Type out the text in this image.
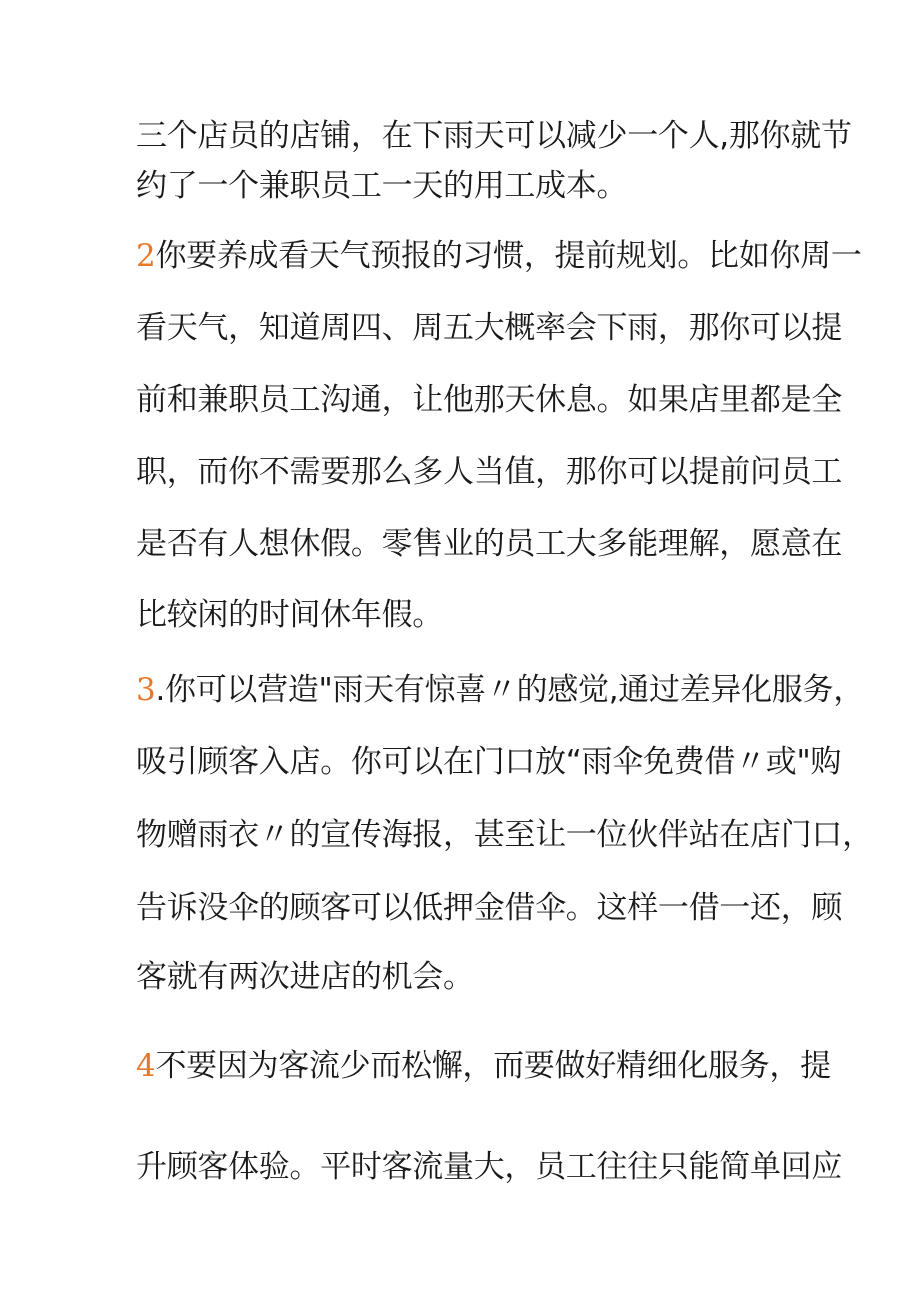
三个店员的店铺，在下雨天可以减少一个人,那你就节
约了一个兼职员工一天的用工成本。
2你要养成看天气预报的习惯，提前规划。比如你周一
看天气，知道周四、周五大概率会下雨，那你可以提
前和兼职员工沟通，让他那天休息。如果店里都是全
职，而你不需要那么多人当值，那你可以提前问员工
是否有人想休假。零售业的员工大多能理解，愿意在
比较闲的时间休年假。
3.你可以营造"雨天有惊喜〃的感觉,通过差异化服务，
吸引顾客入店。你可以在门口放“雨伞免费借〃或"购
物赠雨衣〃的宣传海报，甚至让一位伙伴站在店门口，
告诉没伞的顾客可以低押金借伞。这样一借一还，顾
客就有两次进店的机会。
4不要因为客流少而松懈，而要做好精细化服务，提
升顾客体验。平时客流量大，员工往往只能简单回应
